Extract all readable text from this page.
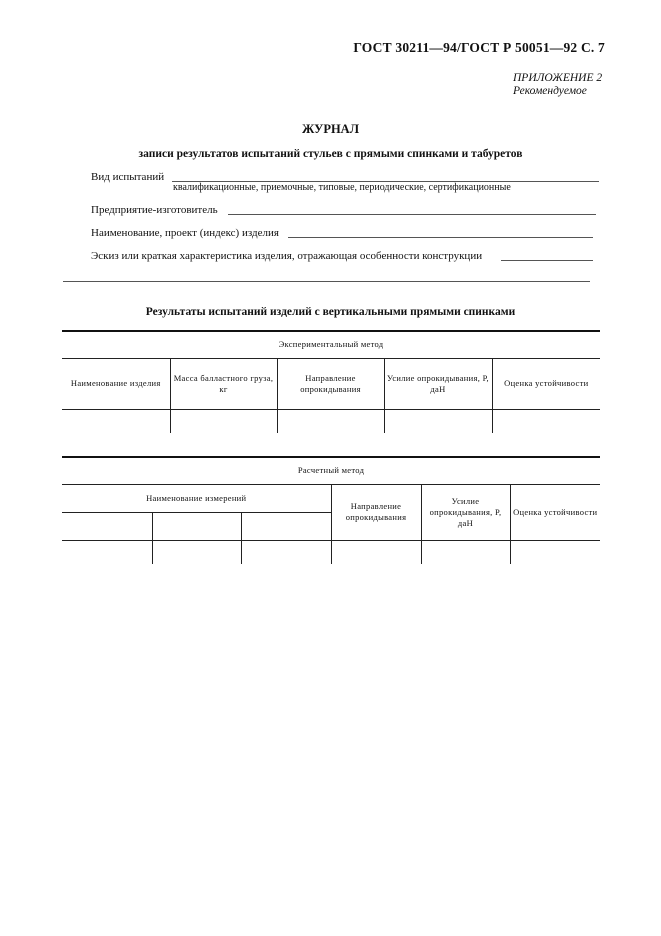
ГОСТ 30211—94/ГОСТ Р 50051—92 С. 7
ПРИЛОЖЕНИЕ 2
Рекомендуемое
ЖУРНАЛ
записи результатов испытаний стульев с прямыми спинками и табуретов
Вид испытаний
квалификационные, приемочные, типовые, периодические, сертификационные
Предприятие-изготовитель
Наименование, проект (индекс) изделия
Эскиз или краткая характеристика изделия, отражающая особенности конструкции
Результаты испытаний изделий с вертикальными прямыми спинками
Экспериментальный метод				
Наименование изделия	Масса балластного груза, кг	Направление опрокидывания	Усилие опрокидывания, Р, даН	Оценка устойчивости

Расчетный метод					
Наименование измерений			Направление опрокидывания	Усилие опрокидывания, Р, даН	Оценка устойчивости
